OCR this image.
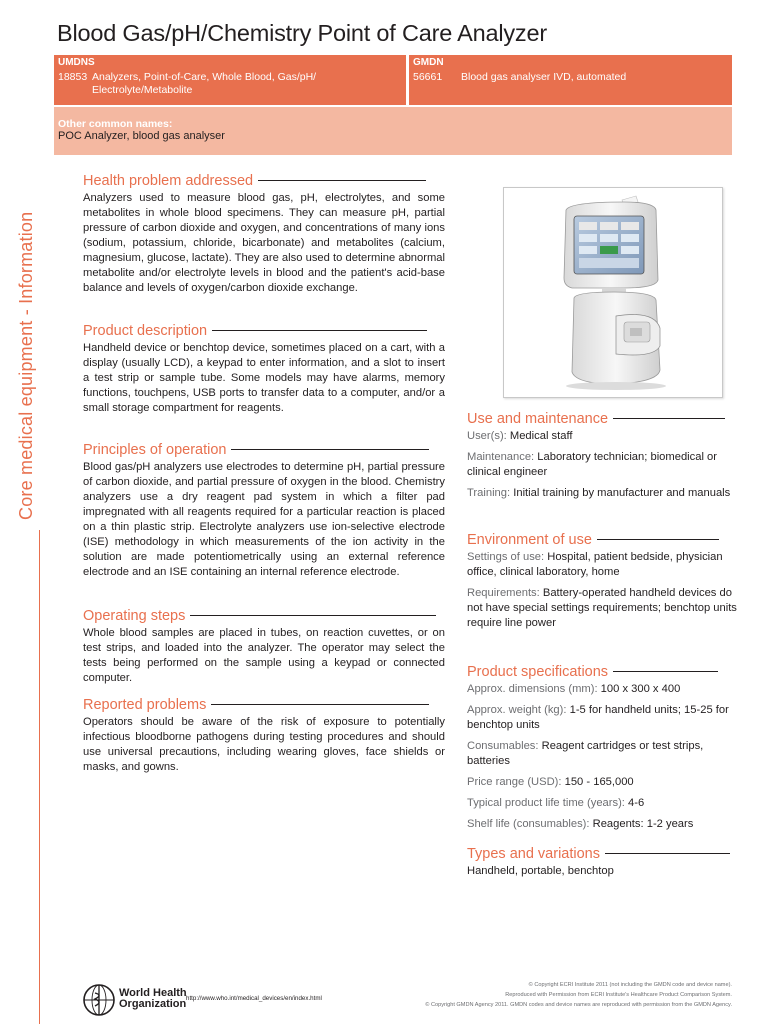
Blood Gas/pH/Chemistry Point of Care Analyzer
UMDNS
18853 Analyzers, Point-of-Care, Whole Blood, Gas/pH/ Electrolyte/Metabolite
GMDN
56661 Blood gas analyser IVD, automated
Other common names:
POC Analyzer, blood gas analyser
Core medical equipment - Information
Health problem addressed
Analyzers used to measure blood gas, pH, electrolytes, and some metabolites in whole blood specimens. They can measure pH, partial pressure of carbon dioxide and oxygen, and concentrations of many ions (sodium, potassium, chloride, bicarbonate) and metabolites (calcium, magnesium, glucose, lactate). They are also used to determine abnormal metabolite and/or electrolyte levels in blood and the patient's acid-base balance and levels of oxygen/carbon dioxide exchange.
Product description
Handheld device or benchtop device, sometimes placed on a cart, with a display (usually LCD), a keypad to enter information, and a slot to insert a test strip or sample tube. Some models may have alarms, memory functions, touchpens, USB ports to transfer data to a computer, and/or a small storage compartment for reagents.
Principles of operation
Blood gas/pH analyzers use electrodes to determine pH, partial pressure of carbon dioxide, and partial pressure of oxygen in the blood. Chemistry analyzers use a dry reagent pad system in which a filter pad impregnated with all reagents required for a particular reaction is placed on a thin plastic strip. Electrolyte analyzers use ion-selective electrode (ISE) methodology in which measurements of the ion activity in the solution are made potentiometrically using an external reference electrode and an ISE containing an internal reference electrode.
Operating steps
Whole blood samples are placed in tubes, on reaction cuvettes, or on test strips, and loaded into the analyzer. The operator may select the tests being performed on the sample using a keypad or connected computer.
Reported problems
Operators should be aware of the risk of exposure to potentially infectious bloodborne pathogens during testing procedures and should use universal precautions, including wearing gloves, face shields or masks, and gowns.
Use and maintenance
User(s): Medical staff
Maintenance: Laboratory technician; biomedical or clinical engineer
Training: Initial training by manufacturer and manuals
Environment of use
Settings of use: Hospital, patient bedside, physician office, clinical laboratory, home
Requirements: Battery-operated handheld devices do not have special settings requirements; benchtop units require line power
Product specifications
Approx. dimensions (mm): 100 x 300 x 400
Approx. weight (kg): 1-5 for handheld units; 15-25 for benchtop units
Consumables: Reagent cartridges or test strips, batteries
Price range (USD): 150 - 165,000
Typical product life time (years): 4-6
Shelf life (consumables): Reagents: 1-2 years
Types and variations
Handheld, portable, benchtop
World Health
Organization http://www.who.int/medical_devices/en/index.html
© Copyright ECRI Institute 2011 (not including the GMDN code and device name).
Reproduced with Permission from ECRI Institute's Healthcare Product Comparison System.
© Copyright GMDN Agency 2011. GMDN codes and device names are reproduced with permission from the GMDN Agency.
